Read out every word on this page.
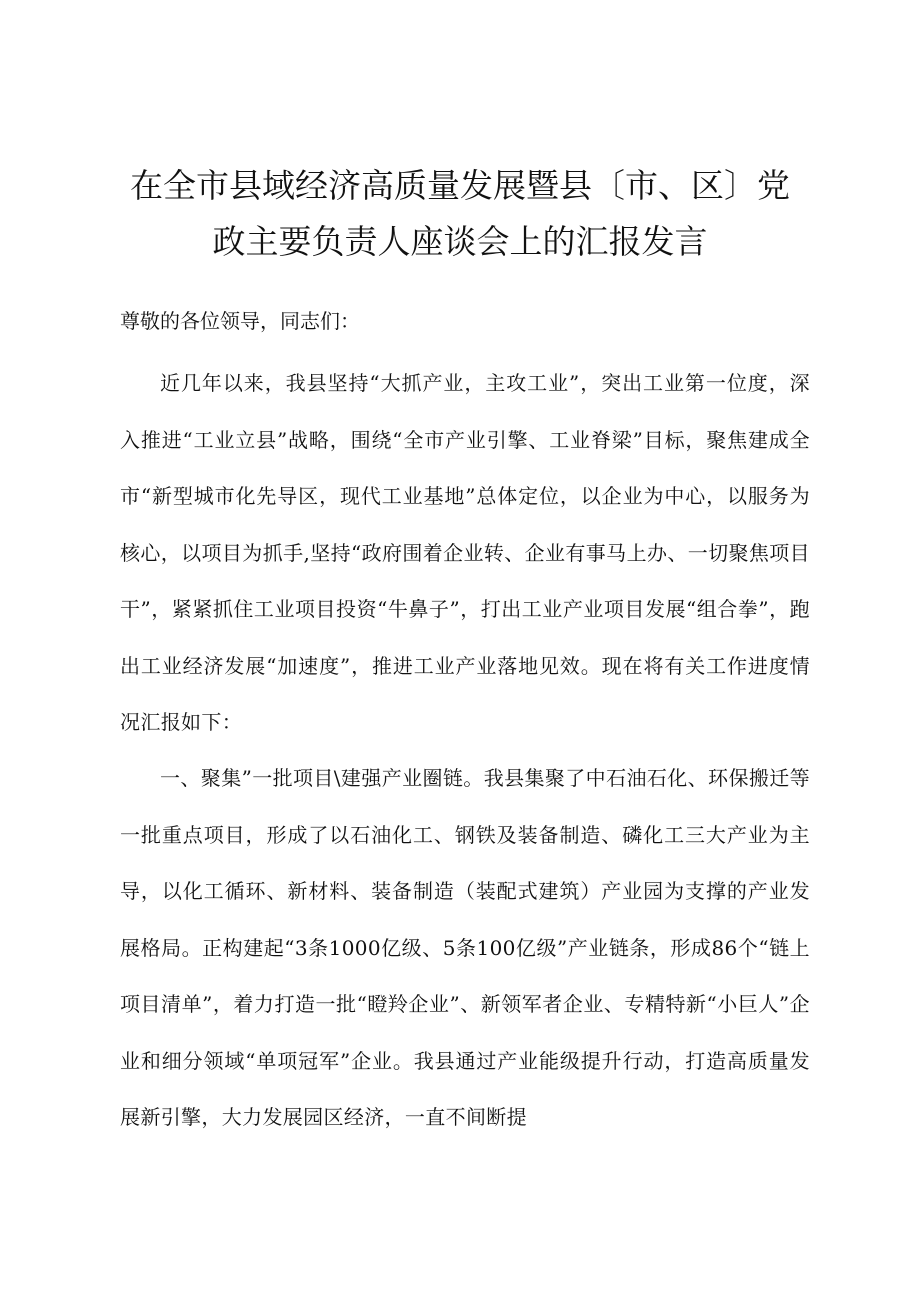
在全市县域经济高质量发展暨县〔市、区〕党
政主要负责人座谈会上的汇报发言

尊敬的各位领导，同志们：

近几年以来，我县坚持“大抓产业，主攻工业”，突出工业第一位度，深入推进“工业立县”战略，围绕“全市产业引擎、工业脊梁”目标，聚焦建成全市“新型城市化先导区，现代工业基地”总体定位，以企业为中心，以服务为核心，以项目为抓手,坚持“政府围着企业转、企业有事马上办、一切聚焦项目干”，紧紧抓住工业项目投资“牛鼻子”，打出工业产业项目发展“组合拳”，跑出工业经济发展“加速度”，推进工业产业落地见效。现在将有关工作进度情况汇报如下：

一、聚集”一批项目\建强产业圈链。我县集聚了中石油石化、环保搬迁等一批重点项目，形成了以石油化工、钢铁及装备制造、磷化工三大产业为主导，以化工循环、新材料、装备制造（装配式建筑）产业园为支撑的产业发展格局。正构建起“3条1000亿级、5条100亿级”产业链条，形成86个“链上项目清单”，着力打造一批“瞪羚企业”、新领军者企业、专精特新“小巨人”企业和细分领域“单项冠军”企业。我县通过产业能级提升行动，打造高质量发展新引擎，大力发展园区经济，一直不间断提
